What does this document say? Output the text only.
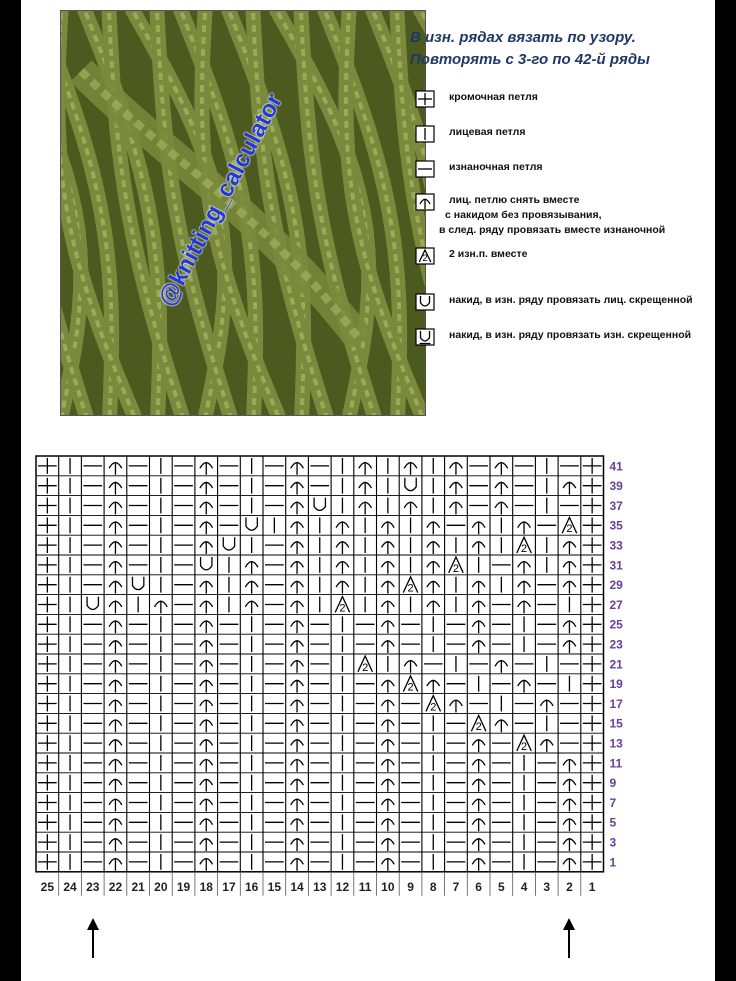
@knitting_calculator
В изн. рядах вязать по узору.
Повторять с 3-го по 42-й ряды
кромочная петля
лицевая петля
изнаночная петля
лиц. петлю снять вместе
с накидом без провязывания,
в след. ряду провязать вместе изнаночной
2 2 изн.п. вместе
накид, в изн. ряду провязать лиц. скрещенной
накид, в изн. ряду провязать изн. скрещенной
2
2
2
2
2
2
2
2
2
2
41
39
37
35
33
31
29
27
25
23
21
19
17
15
13
11
9
7
5
3
1
25 24 23 22 21 20 19 18 17 16 15 14 13 12 11 10 9 8 7 6 5 4 3 2 1
